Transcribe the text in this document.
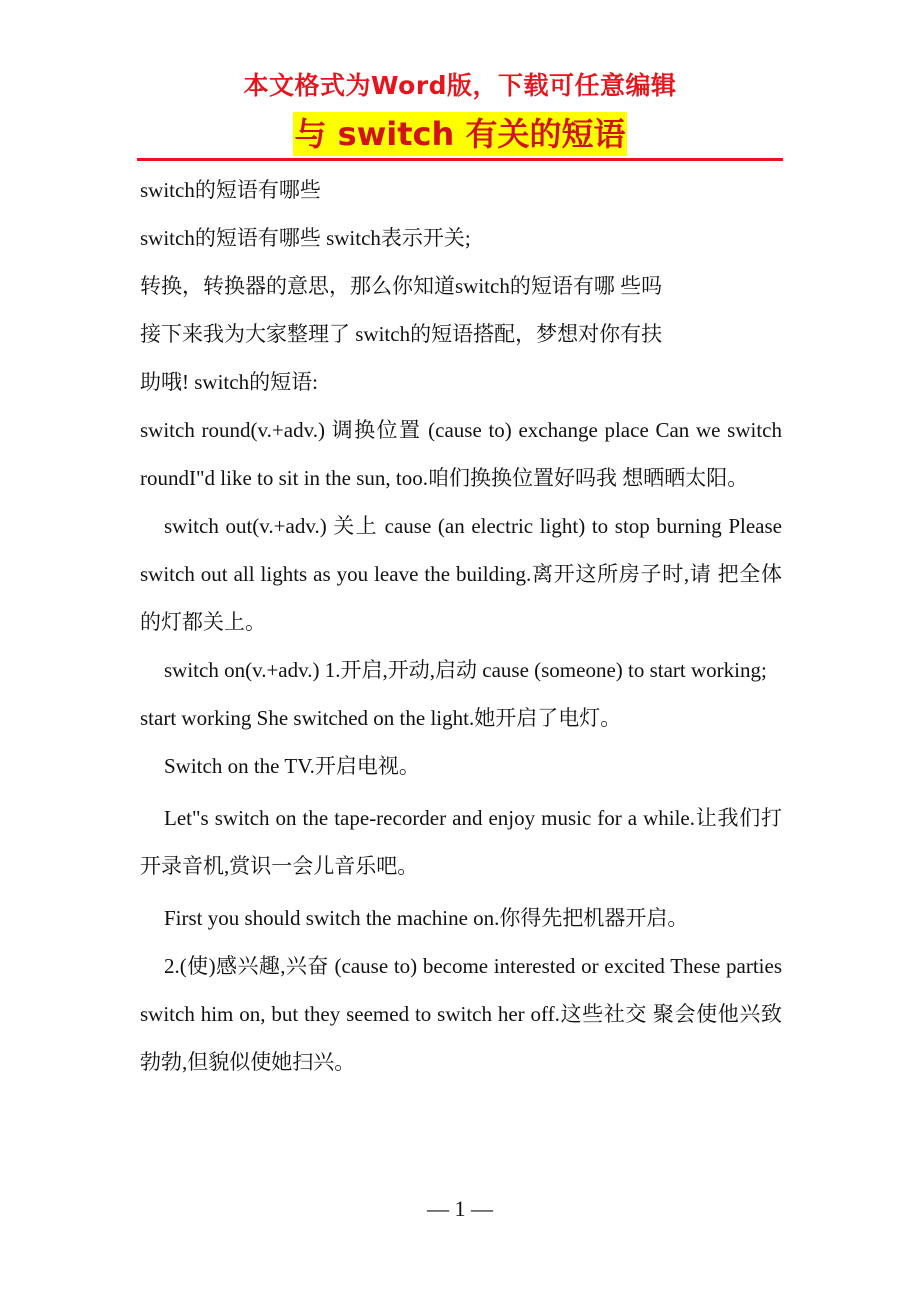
本文格式为Word版，下载可任意编辑
与 switch 有关的短语

switch的短语有哪些

switch的短语有哪些 switch表示开关;

转换，转换器的意思，那么你知道switch的短语有哪 些吗

接下来我为大家整理了 switch的短语搭配，梦想对你有扶

助哦! switch的短语:

switch round(v.+adv.) 调换位置 (cause to) exchange place Can we switch roundI"d like to sit in the sun, too.咱们换换位置好吗我 想晒晒太阳。

switch out(v.+adv.) 关上 cause (an electric light) to stop burning Please switch out all lights as you leave the building.离开这所房子时,请 把全体的灯都关上。

switch on(v.+adv.) 1.开启,开动,启动 cause (someone) to start working;

start working She switched on the light.她开启了电灯。

Switch on the TV.开启电视。

Let"s switch on the tape-recorder and enjoy music for a while.让我们打 开录音机,赏识一会儿音乐吧。

First you should switch the machine on.你得先把机器开启。

2.(使)感兴趣,兴奋 (cause to) become interested or excited These parties switch him on, but they seemed to switch her off.这些社交 聚会使他兴致勃勃,但貌似使她扫兴。

— 1 —
